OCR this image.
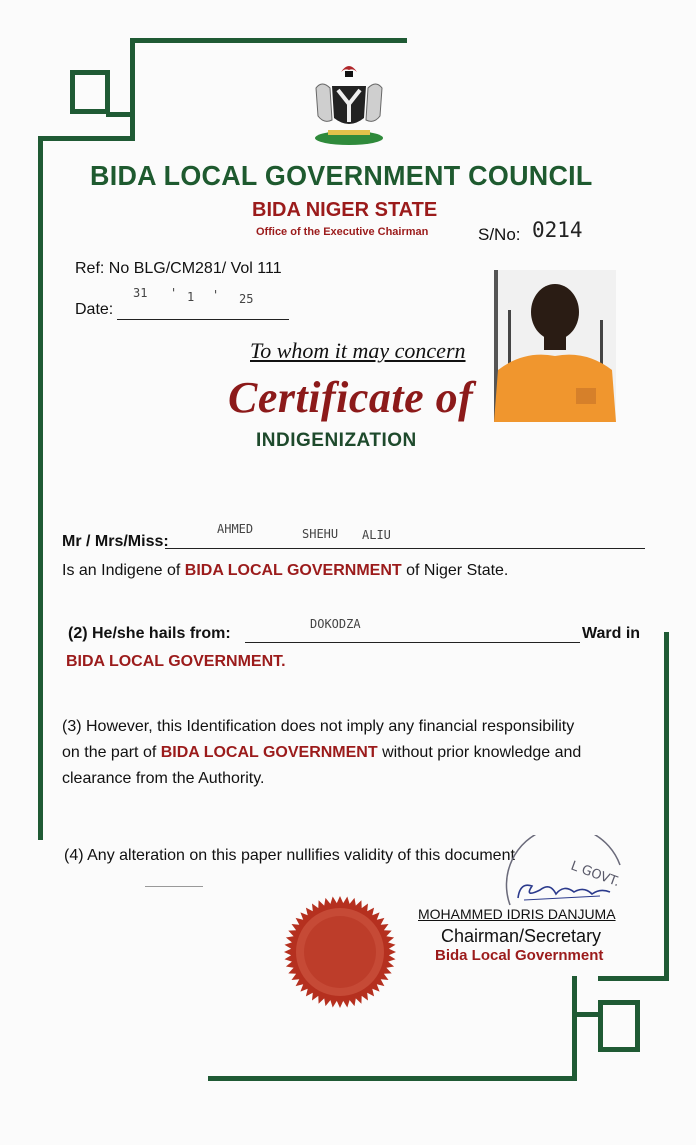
BIDA LOCAL GOVERNMENT COUNCIL
BIDA NIGER STATE
Office of the Executive Chairman	S/No: 0214
Ref: No BLG/CM281/ Vol 111
Date:
31 ' 1 ' 25
To whom it may concern
Certificate of
INDIGENIZATION
Mr / Mrs/Miss:
AHMED	SHEHU ALIU
Is an Indigene of BIDA LOCAL GOVERNMENT of Niger State.
(2) He/she hails from:
DOKODZA
Ward in
BIDA LOCAL GOVERNMENT.
(3) However, this Identification does not imply any financial responsibility
on the part of BIDA LOCAL GOVERNMENT without prior knowledge and
clearance from the Authority.
(4) Any alteration on this paper nullifies validity of this document
L GOVT.
MOHAMMED IDRIS DANJUMA
Chairman/Secretary
Bida Local Government
